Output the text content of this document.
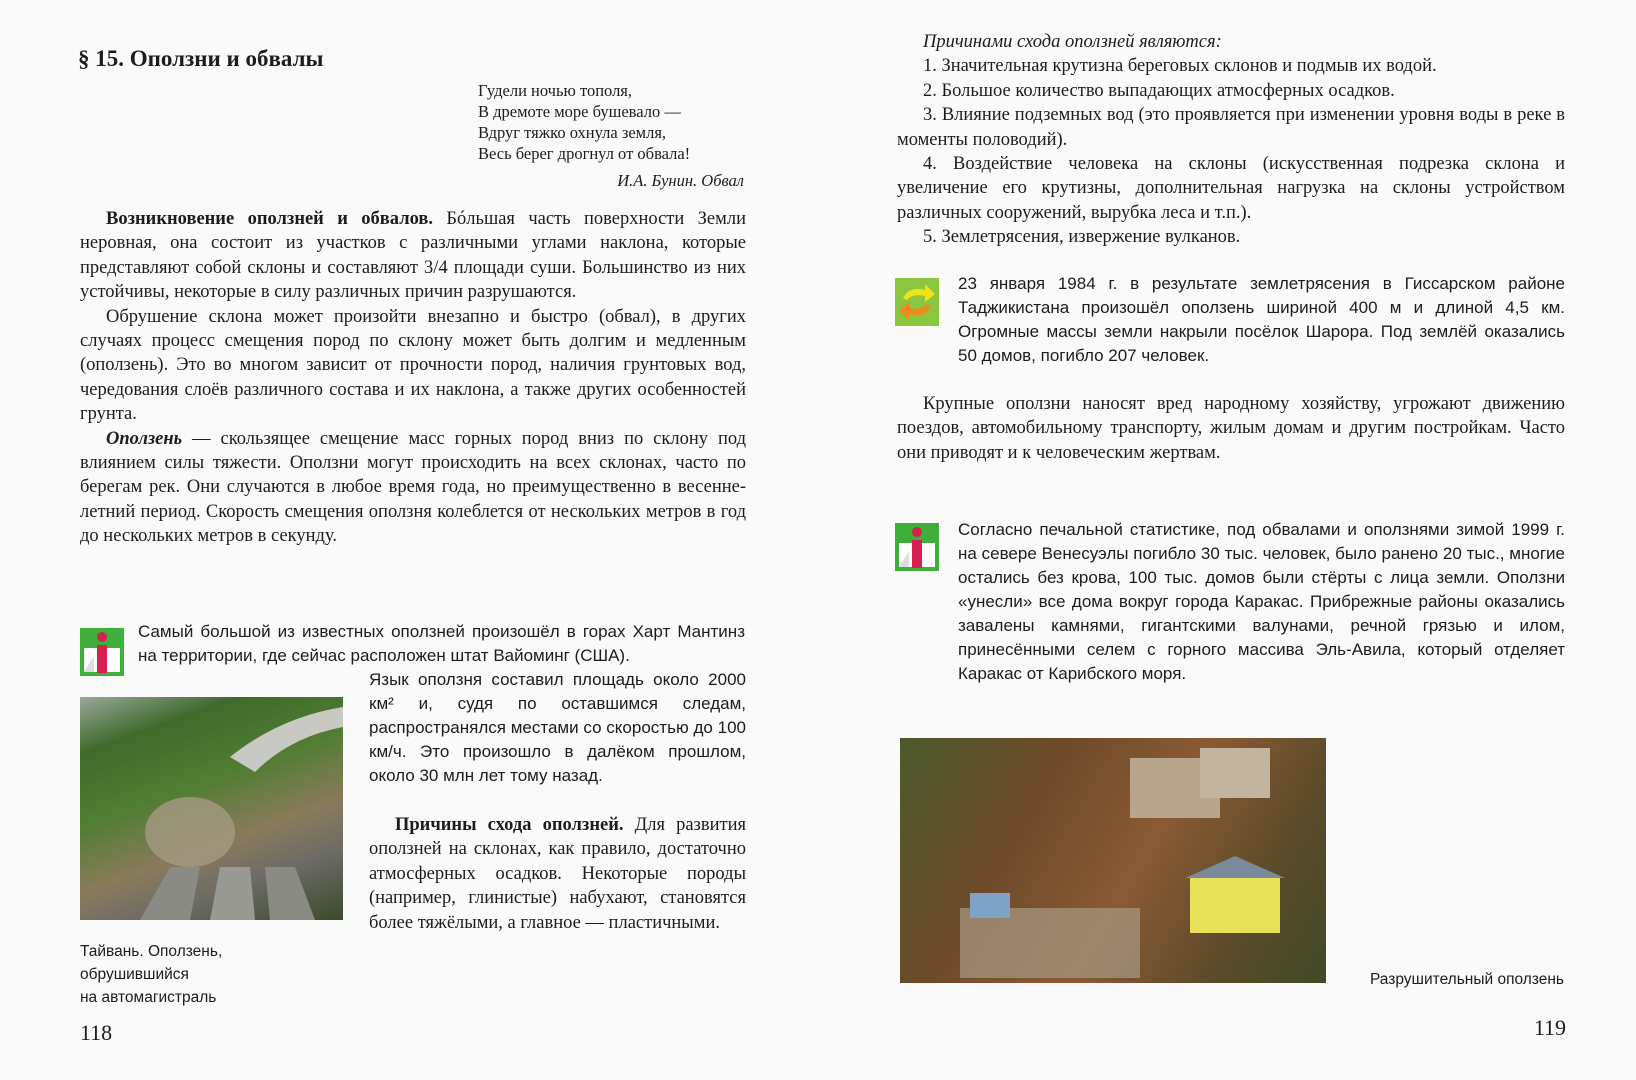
§ 15. Оползни и обвалы
Гудели ночью тополя,
В дремоте море бушевало —
Вдруг тяжко охнула земля,
Весь берег дрогнул от обвала!
И.А. Бунин. Обвал

Возникновение оползней и обвалов. Бóльшая часть поверхности Земли неровная, она состоит из участков с различными углами наклона, которые представляют собой склоны и составляют 3/4 площади суши. Большинство из них устойчивы, некоторые в силу различных причин разрушаются.

Обрушение склона может произойти внезапно и быстро (обвал), в других случаях процесс смещения пород по склону может быть долгим и медленным (оползень). Это во многом зависит от прочности пород, наличия грунтовых вод, чередования слоёв различного состава и их наклона, а также других особенностей грунта.

Оползень — скользящее смещение масс горных пород вниз по склону под влиянием силы тяжести. Оползни могут происходить на всех склонах, часто по берегам рек. Они случаются в любое время года, но преимущественно в весенне-летний период. Скорость смещения оползня колеблется от нескольких метров в год до нескольких метров в секунду.

Самый большой из известных оползней произошёл в горах Харт Мантинз на территории, где сейчас расположен штат Вайоминг (США).
Язык оползня составил площадь около 2000 км² и, судя по оставшимся следам, распространялся местами со скоростью до 100 км/ч. Это произошло в далёком прошлом, около 30 млн лет тому назад.

Причины схода оползней. Для развития оползней на склонах, как правило, достаточно атмосферных осадков. Некоторые породы (например, глинистые) набухают, становятся более тяжёлыми, а главное — пластичными.

Тайвань. Оползень,
обрушившийся
на автомагистраль
118
Причинами схода оползней являются:

1. Значительная крутизна береговых склонов и подмыв их водой.

2. Большое количество выпадающих атмосферных осадков.

3. Влияние подземных вод (это проявляется при изменении уровня воды в реке в моменты половодий).

4. Воздействие человека на склоны (искусственная подрезка склона и увеличение его крутизны, дополнительная нагрузка на склоны устройством различных сооружений, вырубка леса и т.п.).

5. Землетрясения, извержение вулканов.

23 января 1984 г. в результате землетрясения в Гиссарском районе Таджикистана произошёл оползень шириной 400 м и длиной 4,5 км. Огромные массы земли накрыли посёлок Шарора. Под землёй оказались 50 домов, погибло 207 человек.

Крупные оползни наносят вред народному хозяйству, угрожают движению поездов, автомобильному транспорту, жилым домам и другим постройкам. Часто они приводят и к человеческим жертвам.

Согласно печальной статистике, под обвалами и оползнями зимой 1999 г. на севере Венесуэлы погибло 30 тыс. человек, было ранено 20 тыс., многие остались без крова, 100 тыс. домов были стёрты с лица земли. Оползни «унесли» все дома вокруг города Каракас. Прибрежные районы оказались завалены камнями, гигантскими валунами, речной грязью и илом, принесёнными селем с горного массива Эль-Авила, который отделяет Каракас от Карибского моря.
Разрушительный оползень
119
